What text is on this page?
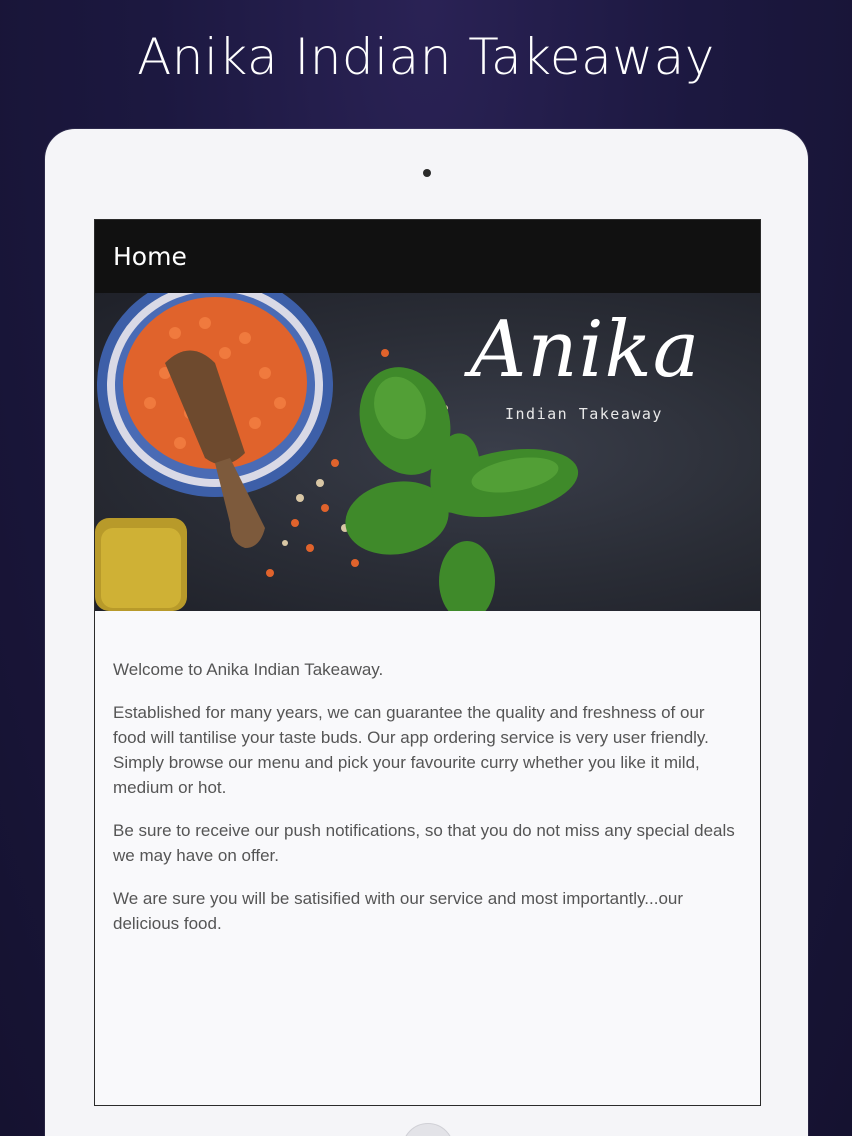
Anika Indian Takeaway
Home
Anika
Indian Takeaway

Welcome to Anika Indian Takeaway.

Established for many years, we can guarantee the quality and freshness of our food will tantilise your taste buds. Our app ordering service is very user friendly. Simply browse our menu and pick your favourite curry whether you like it mild, medium or hot.

Be sure to receive our push notifications, so that you do not miss any special deals we may have on offer.

We are sure you will be satisified with our service and most importantly...our delicious food.
